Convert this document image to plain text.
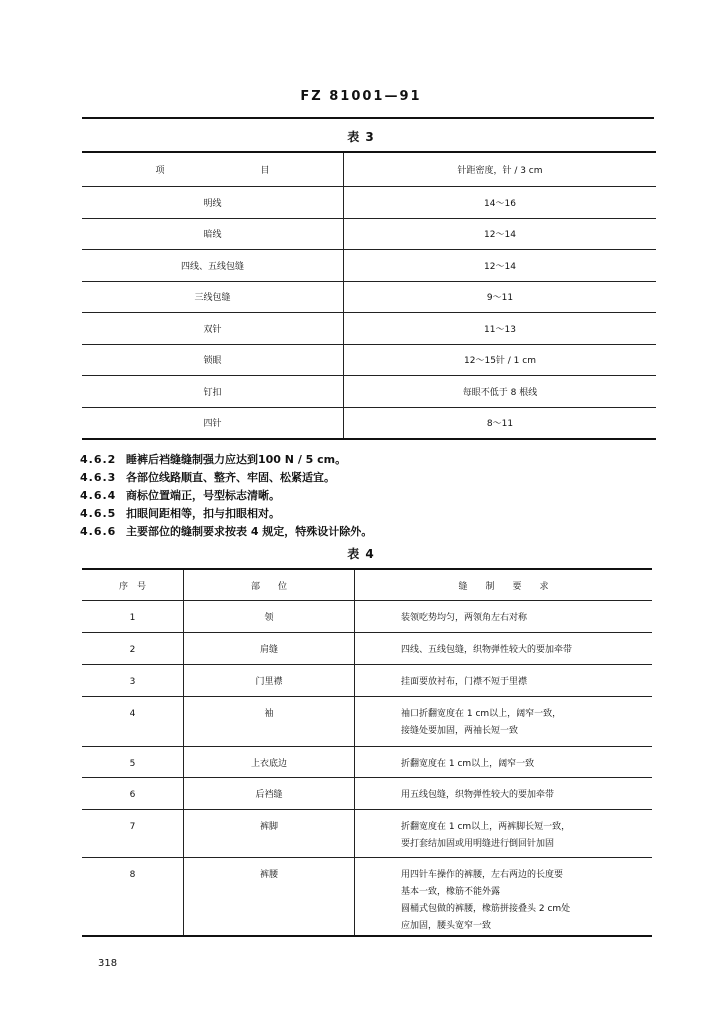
FZ 81001—91
表 3
项　　目	针距密度，针 / 3 cm
明线	14～16
暗线	12～14
四线、五线包缝	12～14
三线包缝	9～11
双针	11～13
锁眼	12～15针 / 1 cm
钉扣	每眼不低于 8 根线
四针	8～11
4.6.2 睡裤后裆缝缝制强力应达到100 N / 5 cm。
4.6.3 各部位线路顺直、整齐、牢固、松紧适宜。
4.6.4 商标位置端正，号型标志清晰。
4.6.5 扣眼间距相等，扣与扣眼相对。
4.6.6 主要部位的缝制要求按表 4 规定，特殊设计除外。
表 4
序　号	部　　位	缝　　制　　要　　求
1	领	装领吃势均匀，两领角左右对称

2	肩缝	四线、五线包缝，织物弹性较大的要加牵带

3	门里襟	挂面要放衬布，门襟不短于里襟

4	袖	袖口折翻宽度在 1 cm以上，阔窄一致，
接缝处要加固，两袖长短一致

5	上衣底边	折翻宽度在 1 cm以上，阔窄一致

6	后裆缝	用五线包缝，织物弹性较大的要加牵带

7	裤脚	折翻宽度在 1 cm以上，两裤脚长短一致，
要打套结加固或用明缝进行倒回针加固

8	裤腰	用四针车操作的裤腰，左右两边的长度要
基本一致，橡筋不能外露
圆桶式包做的裤腰，橡筋拼接叠头 2 cm处
应加固，腰头宽窄一致
318
